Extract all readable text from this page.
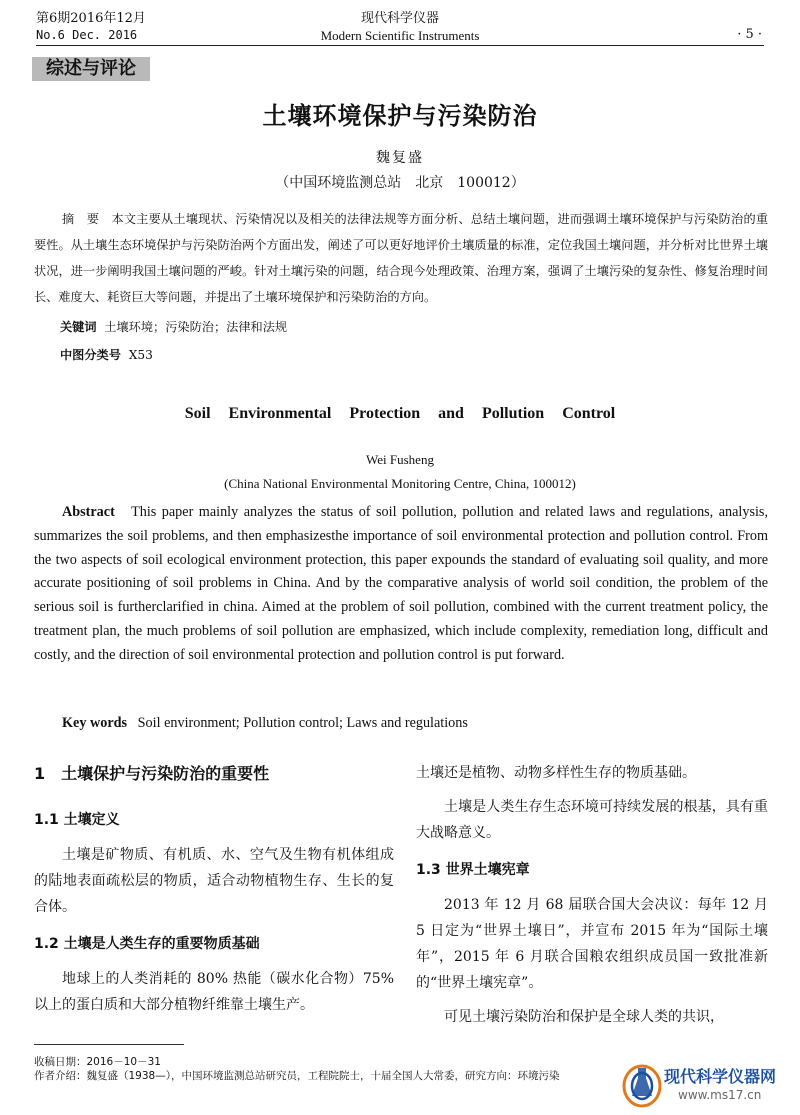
第6期2016年12月
No.6 Dec. 2016
现代科学仪器
Modern Scientific Instruments	· 5 ·
综述与评论
土壤环境保护与污染防治
魏复盛
（中国环境监测总站　北京　100012）
摘　要 本文主要从土壤现状、污染情况以及相关的法律法规等方面分析、总结土壤问题，进而强调土壤环境保护与污染防治的重要性。从土壤生态环境保护与污染防治两个方面出发，阐述了可以更好地评价土壤质量的标准，定位我国土壤问题，并分析对比世界土壤状况，进一步阐明我国土壤问题的严峻。针对土壤污染的问题，结合现今处理政策、治理方案，强调了土壤污染的复杂性、修复治理时间长、难度大、耗资巨大等问题，并提出了土壤环境保护和污染防治的方向。
关键词 土壤环境；污染防治；法律和法规
中图分类号 X53
Soil Environmental Protection and Pollution Control
Wei Fusheng
(China National Environmental Monitoring Centre, China, 100012)
Abstract This paper mainly analyzes the status of soil pollution, pollution and related laws and regulations, analysis, summarizes the soil problems, and then emphasizesthe importance of soil environmental protection and pollution control. From the two aspects of soil ecological environment protection, this paper expounds the standard of evaluating soil quality, and more accurate positioning of soil problems in China. And by the comparative analysis of world soil condition, the problem of the serious soil is furtherclarified in china. Aimed at the problem of soil pollution, combined with the current treatment policy, the treatment plan, the much problems of soil pollution are emphasized, which include complexity, remediation long, difficult and costly, and the direction of soil environmental protection and pollution control is put forward.
Key words Soil environment; Pollution control; Laws and regulations
1　土壤保护与污染防治的重要性
1.1 土壤定义

土壤是矿物质、有机质、水、空气及生物有机体组成的陆地表面疏松层的物质，适合动物植物生存、生长的复合体。

1.2 土壤是人类生存的重要物质基础

地球上的人类消耗的 80% 热能（碳水化合物）75% 以上的蛋白质和大部分植物纤维靠土壤生产。

土壤还是植物、动物多样性生存的物质基础。

土壤是人类生存生态环境可持续发展的根基，具有重大战略意义。

1.3 世界土壤宪章

2013 年 12 月 68 届联合国大会决议：每年 12 月 5 日定为“世界土壤日”，并宣布 2015 年为“国际土壤年”，2015 年 6 月联合国粮农组织成员国一致批准新的“世界土壤宪章”。

可见土壤污染防治和保护是全球人类的共识，

收稿日期：2016－10－31
作者介绍：魏复盛（1938—），中国环境监测总站研究员，工程院院士，十届全国人大常委，研究方向：环境污染	现代科学仪器网
www.ms17.cn
